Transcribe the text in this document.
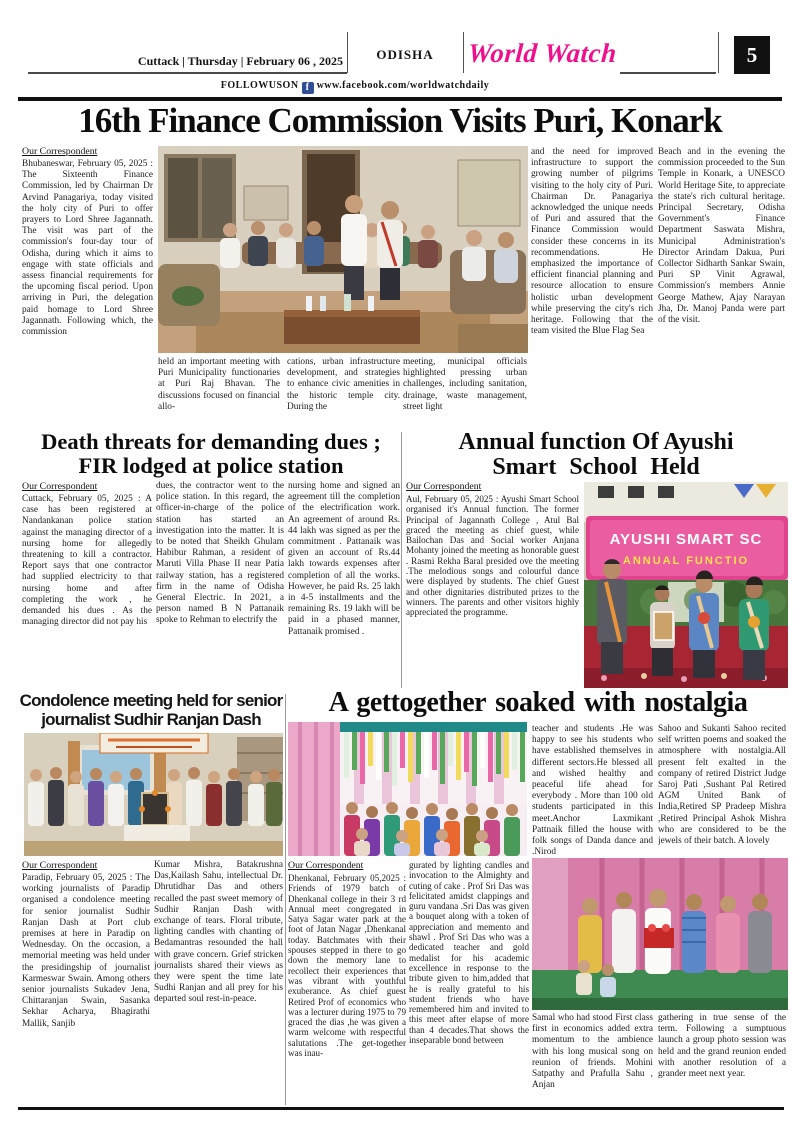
ODISHA
Cuttack | Thursday | February 06 , 2025	World Watch	5
FOLLOWUSON f www.facebook.com/worldwatchdaily
16th Finance Commission Visits Puri, Konark
Our Correspondent
Bhubaneswar, February 05, 2025 : The Sixteenth Finance Commission, led by Chairman Dr Arvind Panagariya, today visited the holy city of Puri to offer prayers to Lord Shree Jagannath. The visit was part of the commission's four-day tour of Odisha, during which it aims to engage with state officials and assess financial requirements for the upcoming fiscal period. Upon arriving in Puri, the delegation paid homage to Lord Shree Jagannath. Following which, the commission
held an important meeting with Puri Municipality functionaries at Puri Raj Bhavan. The discussions focused on financial allo-
cations, urban infrastructure development, and strategies to enhance civic amenities in the historic temple city. During the
meeting, municipal officials highlighted pressing urban challenges, including sanitation, drainage, waste management, street light
and the need for improved infrastructure to support the growing number of pilgrims visiting to the holy city of Puri. Chairman Dr. Panagariya acknowledged the unique needs of Puri and assured that the Finance Commission would consider these concerns in its recommendations. He emphasized the importance of efficient financial planning and resource allocation to ensure holistic urban development while preserving the city's rich heritage. Following that the team visited the Blue Flag Sea
Beach and in the evening the commission proceeded to the Sun Temple in Konark, a UNESCO World Heritage Site, to appreciate the state's rich cultural heritage. Principal Secretary, Odisha Government's Finance Department Saswata Mishra, Municipal Administration's Director Arindam Dakua, Puri Collector Sidharth Sankar Swain, Puri SP Vinit Agrawal, Commission's members Annie George Mathew, Ajay Narayan Jha, Dr. Manoj Panda were part of the visit.
Death threats for demanding dues ;
FIR lodged at police station
Our Correspondent
Cuttack, February 05, 2025 : A case has been registered at Nandankanan police station against the managing director of a nursing home for allegedly threatening to kill a contractor. Report says that one contractor had supplied electricity to that nursing home and after completing the work , he demanded his dues . As the managing director did not pay his
dues, the contractor went to the police station. In this regard, the officer-in-charge of the police station has started an investigation into the matter. It is to be noted that Sheikh Ghulam Habibur Rahman, a resident of Maruti Villa Phase II near Patia railway station, has a registered firm in the name of Odisha General Electric. In 2021, a person named B N Pattanaik spoke to Rehman to electrify the
nursing home and signed an agreement till the completion of the electrification work. An agreement of around Rs. 44 lakh was signed as per the commitment . Pattanaik was given an account of Rs.44 lakh towards expenses after completion of all the works. However, he paid Rs. 25 lakh in 4-5 installments and the remaining Rs. 19 lakh will be paid in a phased manner, Pattanaik promised .
Annual function Of Ayushi
Smart School Held
Our Correspondent
Aul, February 05, 2025 : Ayushi Smart School organised it's Annual function. The former Principal of Jagannath College , Atul Bal graced the meeting as chief guest, while Bailochan Das and Social worker Anjana Mohanty joined the meeting as honorable guest . Rasmi Rekha Baral presided ove the meeting .The melodious songs and colourful dance were displayed by students. The chief Guest and other dignitaries distributed prizes to the winners. The parents and other visitors highly appreciated the programme.
AYUSHI SMART SC
ANNUAL FUNCTIO
Condolence meeting held for senior
journalist Sudhir Ranjan Dash
Our Correspondent
Paradip, February 05, 2025 : The working journalists of Paradip organised a condolence meeting for senior journalist Sudhir Ranjan Dash at Port club premises at here in Paradip on Wednesday. On the occasion, a memorial meeting was held under the presidingship of journalist Karmeswar Swain. Among others senior journalists Sukadev Jena, Chittaranjan Swain, Sasanka Sekhar Acharya, Bhagirathi Mallik, Sanjib
Kumar Mishra, Batakrushna Das,Kailash Sahu, intellectual Dr. Dhrutidhar Das and others recalled the past sweet memory of Sudhir Ranjan Dash with exchange of tears. Floral tribute, lighting candles with chanting of Bedamantras resounded the hall with grave concern. Grief stricken journalists shared their views as they were spent the time late Sudhi Ranjan and all prey for his departed soul rest-in-peace.
A gettogether soaked with nostalgia
teacher and students .He was happy to see his students who have established themselves in different sectors.He blessed all and wished healthy and peaceful life ahead for everybody . More than 100 old students participated in this meet.Anchor Laxmikant Pattnaik filled the house with folk songs of Danda dance and .Nirod
Sahoo and Sukanti Sahoo recited self written poems and soaked the atmosphere with nostalgia.All present felt exalted in the company of retired District Judge Saroj Pati ,Sushant Pal Retired AGM United Bank of India,Retired SP Pradeep Mishra ,Retired Principal Ashok Mishra who are considered to be the jewels of their batch. A lovely
Our Correspondent
Dhenkanal, February 05,2025 : Friends of 1979 batch of Dhenkanal college in their 3 rd Annual meet congregated in Satya Sagar water park at the foot of Jatan Nagar ,Dhenkanal today. Batchmates with their spouses stepped in there to go down the memory lane to recollect their experiences that was vibrant with youthful exuberance. As chief guest Retired Prof of economics who was a lecturer during 1975 to 79 graced the dias ,he was given a warm welcome with respectful salutations .The get-together was inau-
gurated by lighting candles and invocation to the Almighty and cuting of cake . Prof Sri Das was felicitated amidst clappings and guru vandana .Sri Das was given a bouquet along with a token of appreciation and memento and shawl . Prof Sri Das who was a dedicated teacher and gold medalist for his academic excellence in response to the tribute given to him,added that he is really grateful to his student friends who have remembered him and invited to this meet after elapse of more than 4 decades.That shows the inseparable bond between
Samal who had stood First class first in economics added extra momentum to the ambience with his long musical song on reunion of friends. Mohini Satpathy and Prafulla Sahu , Anjan
gathering in true sense of the term. Following a sumptuous launch a group photo session was held and the grand reunion ended with another resolution of a grander meet next year.
